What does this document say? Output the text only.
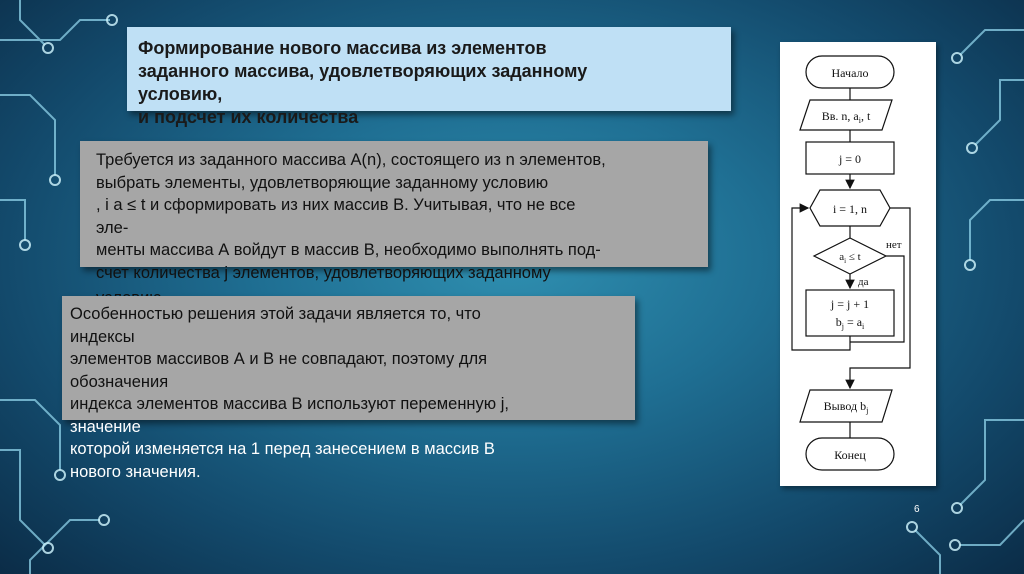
Формирование нового массива из элементов
заданного массива, удовлетворяющих заданному
условию,
и подсчет их количества
Требуется из заданного массива A(n), состоящего из n элементов,
выбрать элементы, удовлетворяющие заданному условию
, i a ≤ t и сформировать из них массив B. Учитывая, что не все
эле-
менты массива А войдут в массив В, необходимо выполнять под-
счет количества j элементов, удовлетворяющих заданному
Особенностью решения этой задачи является то, что
индексы
элементов массивов А и В не совпадают, поэтому для
обозначения
индекса элементов массива В используют переменную j,
значение
которой изменяется на 1 перед занесением в массив В
нового значения.
Начало
Вв. n, $a_i$, t
j = 0
i = 1, n
$a_i \le t$
нет
да
j = j + 1
$b_j = a_i$
Вывод $b_j$
Конец
6
